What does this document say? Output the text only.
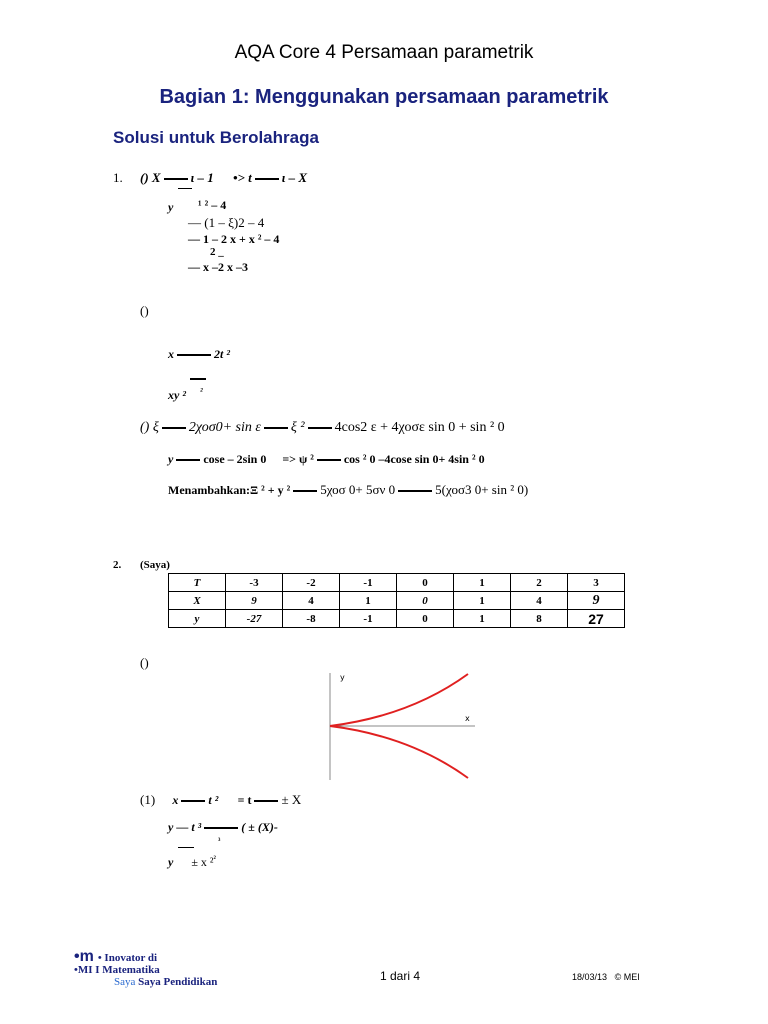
AQA Core 4 Persamaan parametrik
Bagian 1: Menggunakan persamaan parametrik
Solusi untuk Berolahraga
1. () X ι – 1 •> t ι – X
y ¹ ² – 4
— (1 – ξ)2 – 4
— 1 – 2 x + x ² – 4
2 _
— x –2 x –3
()
x	2t ²
xy ² $^{^2}$
() ξ 2χοσ0+ sin ε ξ ² 4cos2 ε + 4χοσε sin 0 + sin ² 0
y	cose – 2sin 0 => ψ ²	cos ² 0 –4cose sin 0+ 4sin ² 0
Menambahkan:Ξ ² + y ² 5χοσ 0+ 5σν 0	5(χοσ3 0+ sin ² 0)
2. (Saya)
T	-3	-2	-1	0	1	2	3
X	9	4	1	0	1	4	9
y	-27	-8	-1	0	1	8	27
()
y
x
(1) x	t ² = t ± X
y — t ³	( ± (X)-
³
y ± x ²$^{^2}$
•m • Inovator di
•MI I Matematika
Saya Saya Pendidikan	1 dari 4	18/03/13 © MEI
